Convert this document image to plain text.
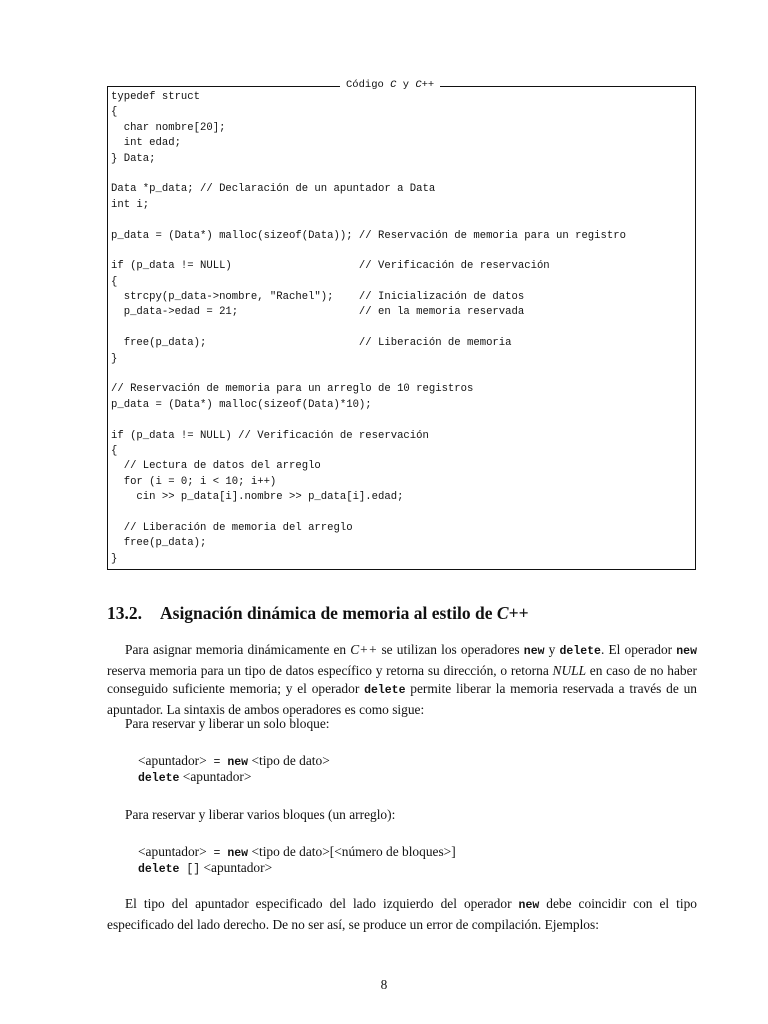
Código C y C++
typedef struct
{
char nombre[20];
int edad;
} Data;
Data *p_data; // Declaración de un apuntador a Data
int i;
p_data = (Data*) malloc(sizeof(Data)); // Reservación de memoria para un registro
if (p_data != NULL)                    // Verificación de reservación
{
strcpy(p_data->nombre, "Rachel");    // Inicialización de datos
p_data->edad = 21;                   // en la memoria reservada
free(p_data);                        // Liberación de memoria
}
// Reservación de memoria para un arreglo de 10 registros
p_data = (Data*) malloc(sizeof(Data)*10);
if (p_data != NULL) // Verificación de reservación
{
// Lectura de datos del arreglo
for (i = 0; i < 10; i++)
cin >> p_data[i].nombre >> p_data[i].edad;
// Liberación de memoria del arreglo
free(p_data);
}
13.2. Asignación dinámica de memoria al estilo de C++

Para asignar memoria dinámicamente en C++ se utilizan los operadores new y delete. El operador new reserva memoria para un tipo de datos específico y retorna su dirección, o retorna NULL en caso de no haber conseguido suficiente memoria; y el operador delete permite liberar la memoria reservada a través de un apuntador. La sintaxis de ambos operadores es como sigue:

Para reservar y liberar un solo bloque:
<apuntador> = new <tipo de dato>
delete <apuntador>
Para reservar y liberar varios bloques (un arreglo):
<apuntador> = new <tipo de dato>[<número de bloques>]
delete [] <apuntador>

El tipo del apuntador especificado del lado izquierdo del operador new debe coincidir con el tipo especificado del lado derecho. De no ser así, se produce un error de compilación. Ejemplos:

8
